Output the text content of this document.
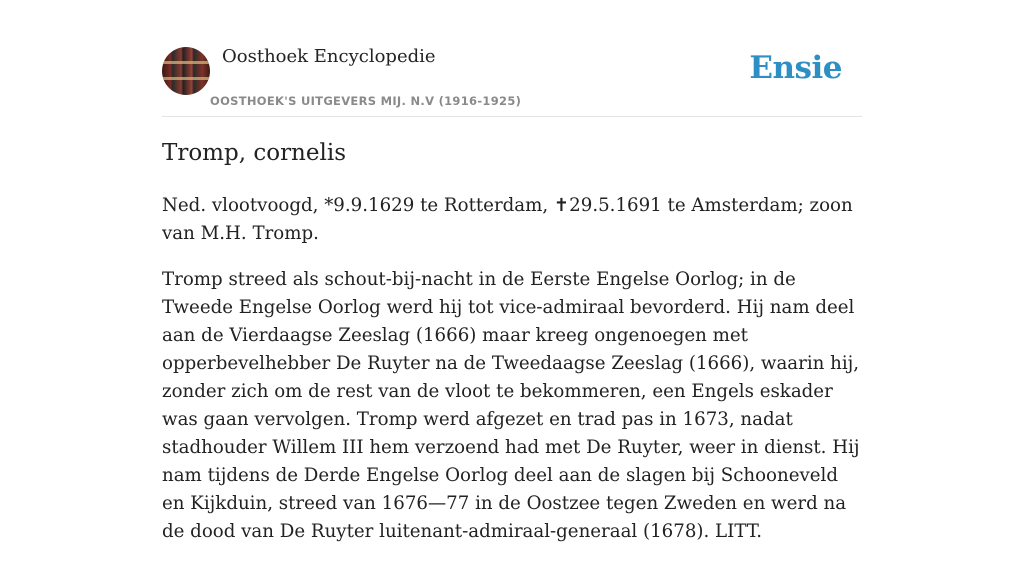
Oosthoek Encyclopedie
OOSTHOEK'S UITGEVERS MIJ. N.V (1916-1925)
Ensie
Tromp, cornelis

Ned. vlootvoogd, *9.9.1629 te Rotterdam, ✝29.5.1691 te Amsterdam; zoon van M.H. Tromp.

Tromp streed als schout-bij-nacht in de Eerste Engelse Oorlog; in de Tweede Engelse Oorlog werd hij tot vice-admiraal bevorderd. Hij nam deel aan de Vierdaagse Zeeslag (1666) maar kreeg ongenoegen met opperbevelhebber De Ruyter na de Tweedaagse Zeeslag (1666), waarin hij, zonder zich om de rest van de vloot te bekommeren, een Engels eskader was gaan vervolgen. Tromp werd afgezet en trad pas in 1673, nadat stadhouder Willem III hem verzoend had met De Ruyter, weer in dienst. Hij nam tijdens de Derde Engelse Oorlog deel aan de slagen bij Schooneveld en Kijkduin, streed van 1676—77 in de Oostzee tegen Zweden en werd na de dood van De Ruyter luitenant-admiraal-generaal (1678). LITT.
